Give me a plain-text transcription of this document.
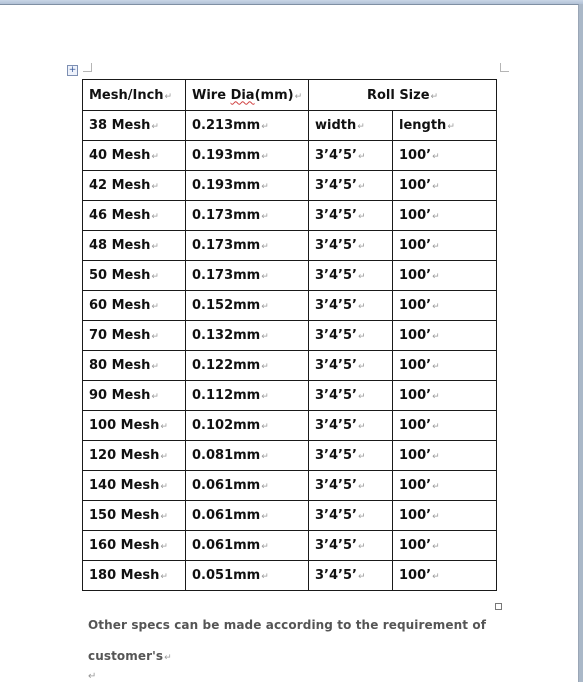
+
Mesh/Inch↵	Wire Dia(mm)↵	Roll Size↵	
38 Mesh↵	0.213mm↵	width↵	length↵
40 Mesh↵	0.193mm↵	3’4’5’↵	100’↵
42 Mesh↵	0.193mm↵	3’4’5’↵	100’↵
46 Mesh↵	0.173mm↵	3’4’5’↵	100’↵
48 Mesh↵	0.173mm↵	3’4’5’↵	100’↵
50 Mesh↵	0.173mm↵	3’4’5’↵	100’↵
60 Mesh↵	0.152mm↵	3’4’5’↵	100’↵
70 Mesh↵	0.132mm↵	3’4’5’↵	100’↵
80 Mesh↵	0.122mm↵	3’4’5’↵	100’↵
90 Mesh↵	0.112mm↵	3’4’5’↵	100’↵
100 Mesh↵	0.102mm↵	3’4’5’↵	100’↵
120 Mesh↵	0.081mm↵	3’4’5’↵	100’↵
140 Mesh↵	0.061mm↵	3’4’5’↵	100’↵
150 Mesh↵	0.061mm↵	3’4’5’↵	100’↵
160 Mesh↵	0.061mm↵	3’4’5’↵	100’↵
180 Mesh↵	0.051mm↵	3’4’5’↵	100’↵
Other specs can be made according to the requirement of customer's↵
↵
